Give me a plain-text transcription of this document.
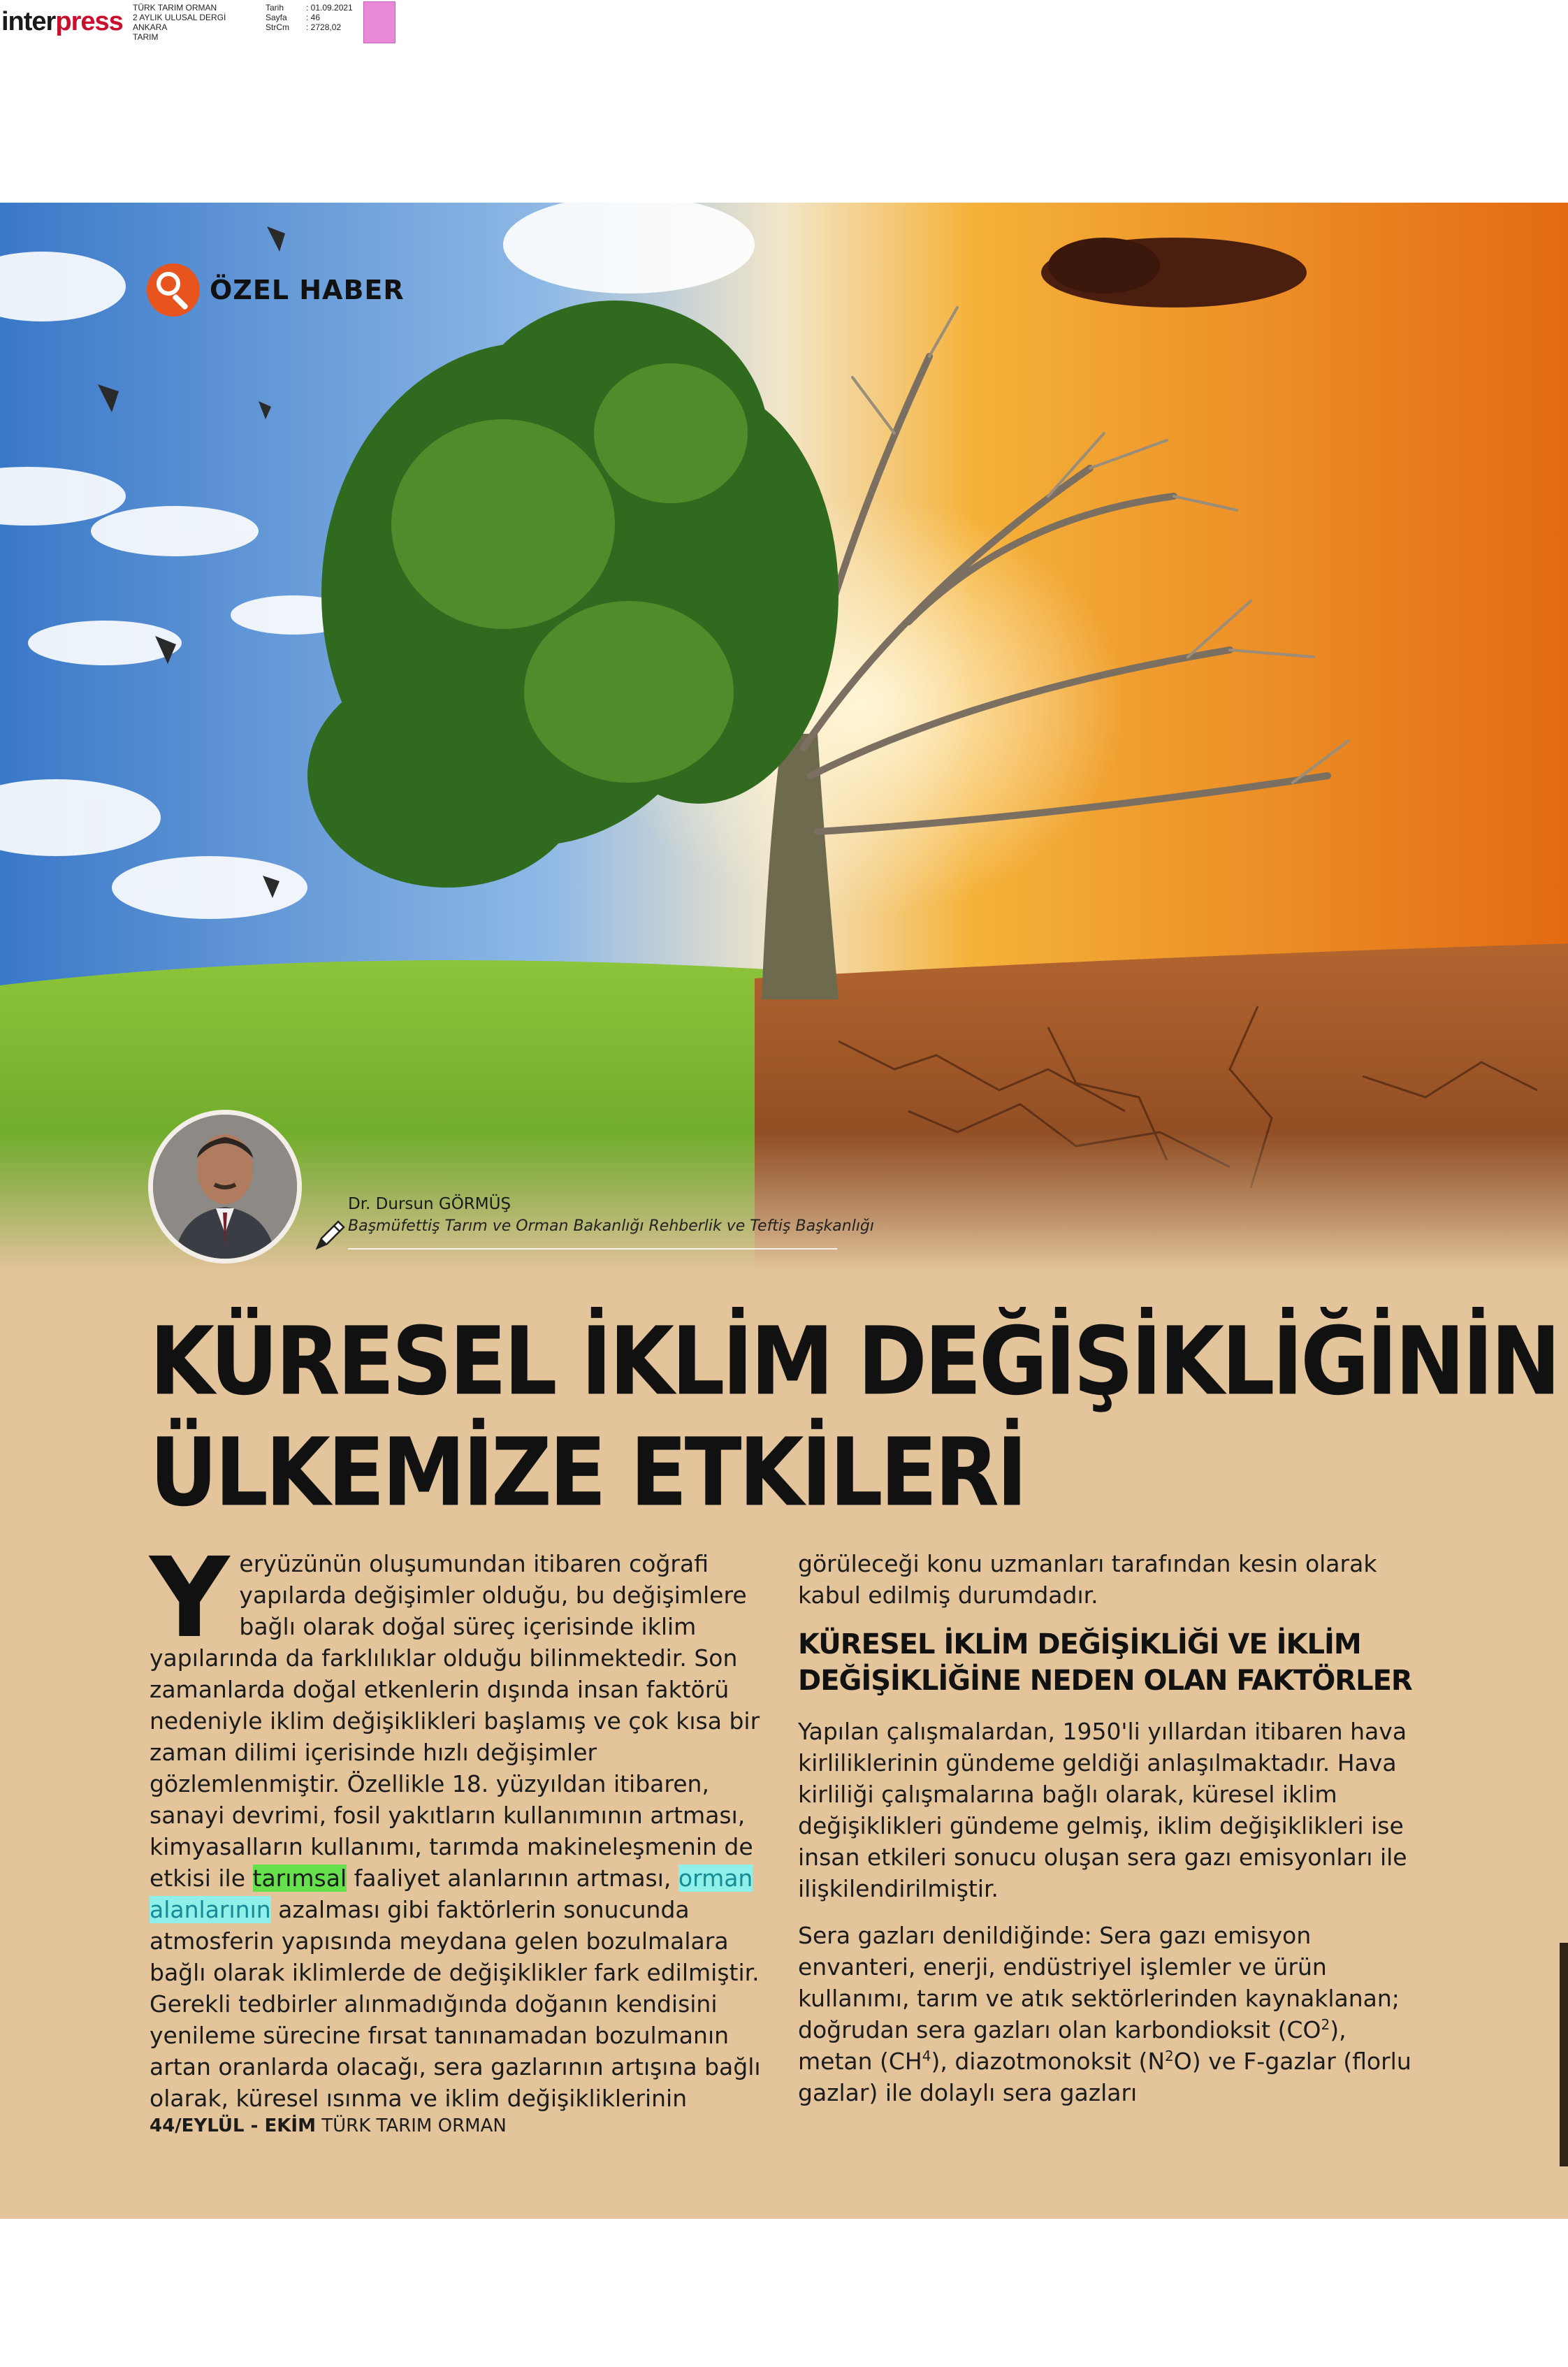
interpress TÜRK TARIM ORMAN
2 AYLIK ULUSAL DERGİ
ANKARA
TARIM
Tarih	: 01.09.2021
Sayfa : 46
StrCm : 2728,02
ÖZEL HABER
Dr. Dursun GÖRMÜŞ
Başmüfettiş Tarım ve Orman Bakanlığı Rehberlik ve Teftiş Başkanlığı
KÜRESEL İKLİM DEĞİŞİKLİĞİNİN
ÜLKEMİZE ETKİLERİ

Yeryüzünün oluşumundan itibaren coğrafi yapılarda değişimler olduğu, bu değişimlere bağlı olarak doğal süreç içerisinde iklim yapılarında da farklılıklar olduğu bilinmektedir. Son zamanlarda doğal etkenlerin dışında insan faktörü nedeniyle iklim değişiklikleri başlamış ve çok kısa bir zaman dilimi içerisinde hızlı değişimler gözlemlenmiştir. Özellikle 18. yüzyıldan itibaren, sanayi devrimi, fosil yakıtların kullanımının artması, kimyasalların kullanımı, tarımda makineleşmenin de etkisi ile tarımsal faaliyet alanlarının artması, orman alanlarının azalması gibi faktörlerin sonucunda atmosferin yapısında meydana gelen bozulmalara bağlı olarak iklimlerde de değişiklikler fark edilmiştir. Gerekli tedbirler alınmadığında doğanın kendisini yenileme sürecine fırsat tanınamadan bozulmanın artan oranlarda olacağı, sera gazlarının artışına bağlı olarak, küresel ısınma ve iklim değişikliklerinin

görüleceği konu uzmanları tarafından kesin olarak kabul edilmiş durumdadır.

KÜRESEL İKLİM DEĞİŞİKLİĞİ VE İKLİM
DEĞİŞİKLİĞİNE NEDEN OLAN FAKTÖRLER

Yapılan çalışmalardan, 1950'li yıllardan itibaren hava kirliliklerinin gündeme geldiği anlaşılmaktadır. Hava kirliliği çalışmalarına bağlı olarak, küresel iklim değişiklikleri gündeme gelmiş, iklim değişiklikleri ise insan etkileri sonucu oluşan sera gazı emisyonları ile ilişkilendirilmiştir.

Sera gazları denildiğinde: Sera gazı emisyon envanteri, enerji, endüstriyel işlemler ve ürün kullanımı, tarım ve atık sektörlerinden kaynaklanan; doğrudan sera gazları olan karbondioksit $(CO^2)$, metan $(CH^4)$, diazotmonoksit $(N^2O)$ ve F-gazlar (florlu gazlar) ile dolaylı sera gazları

44/EYLÜL - EKİM TÜRK TARIM ORMAN
